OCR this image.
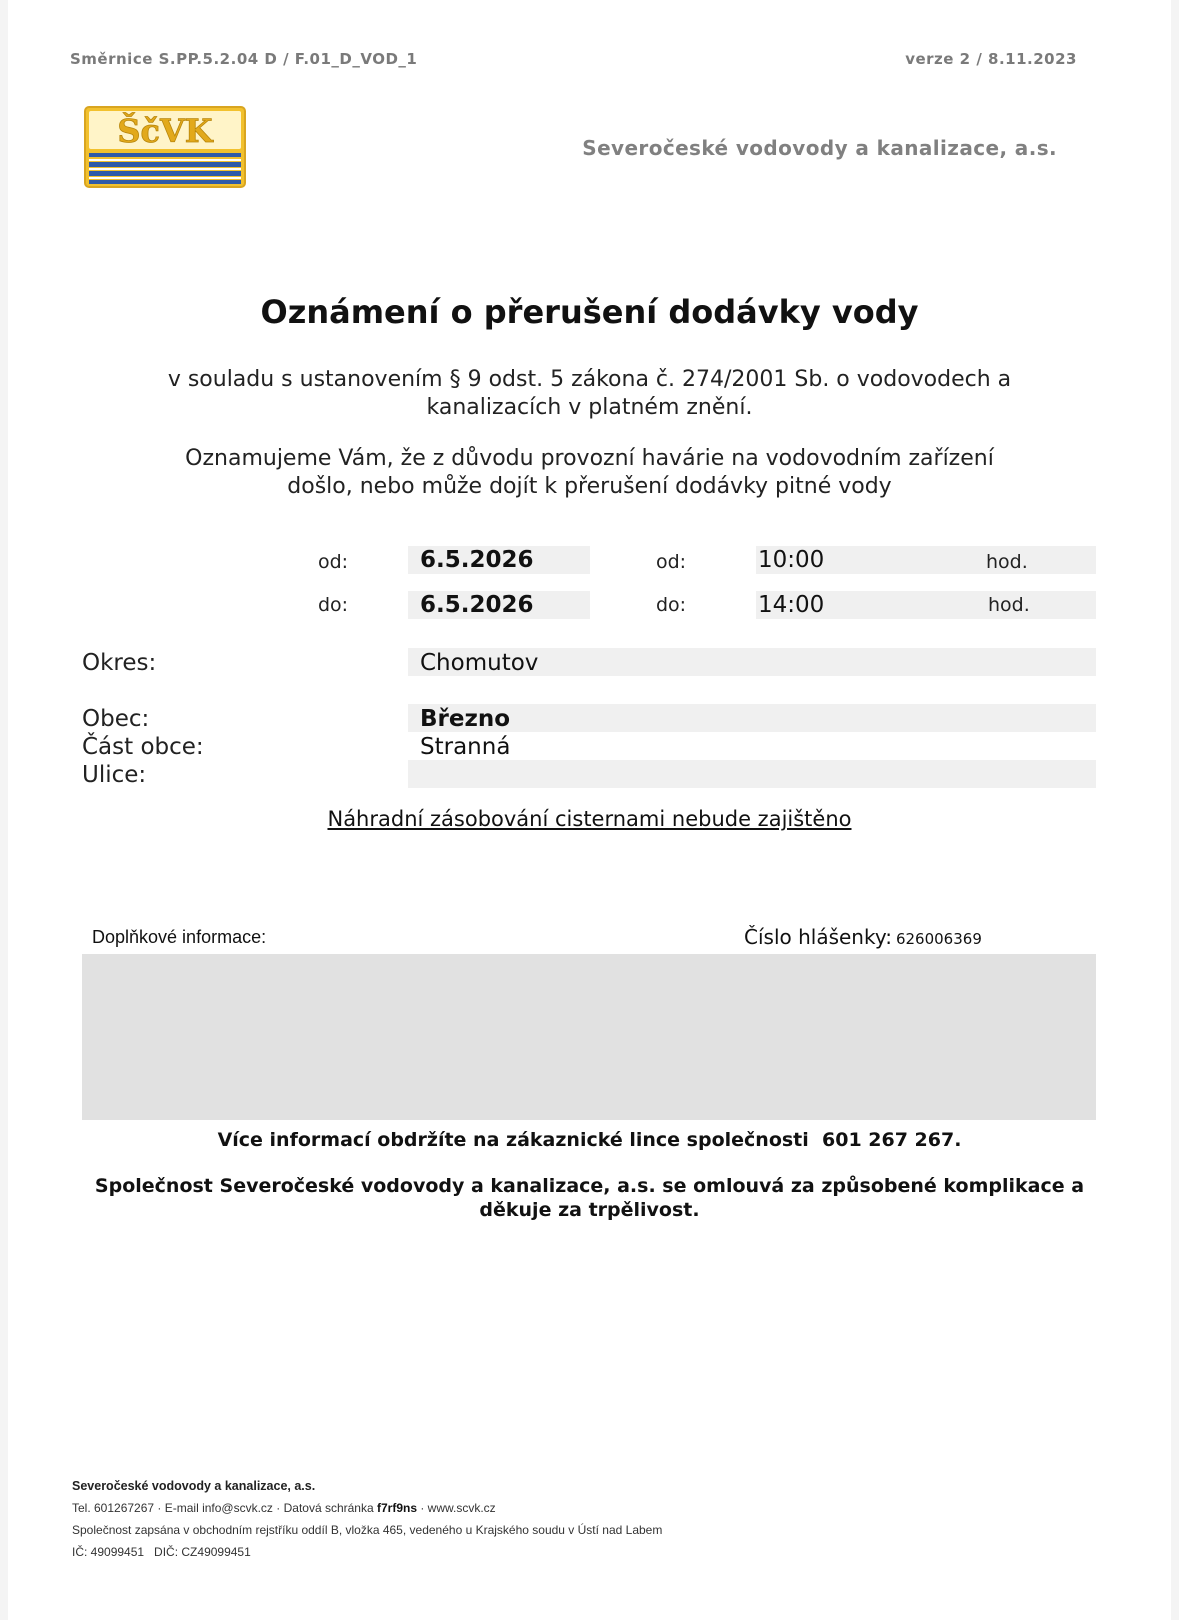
Směrnice S.PP.5.2.04 D / F.01_D_VOD_1	verze 2 / 8.11.2023
ŠčVK	Severočeské vodovody a kanalizace, a.s.
Oznámení o přerušení dodávky vody
v souladu s ustanovením § 9 odst. 5 zákona č. 274/2001 Sb. o vodovodech a
kanalizacích v platném znění.
Oznamujeme Vám, že z důvodu provozní havárie na vodovodním zařízení
došlo, nebo může dojít k přerušení dodávky pitné vody
od:	6.5.2026	od:	10:00	hod.
do:	6.5.2026	do:	14:00	hod.
Okres:	Chomutov
Obec:	Březno
Část obce:	Stranná
Ulice:
Náhradní zásobování cisternami nebude zajištěno
Doplňkové informace:	Číslo hlášenky: 626006369
Více informací obdržíte na zákaznické lince společnosti  601 267 267.
Společnost Severočeské vodovody a kanalizace, a.s. se omlouvá za způsobené komplikace a
děkuje za trpělivost.
Severočeské vodovody a kanalizace, a.s.
Tel. 601267267 · E-mail info@scvk.cz · Datová schránka f7rf9ns · www.scvk.cz
Společnost zapsána v obchodním rejstříku oddíl B, vložka 465, vedeného u Krajského soudu v Ústí nad Labem
IČ: 49099451   DIČ: CZ49099451
